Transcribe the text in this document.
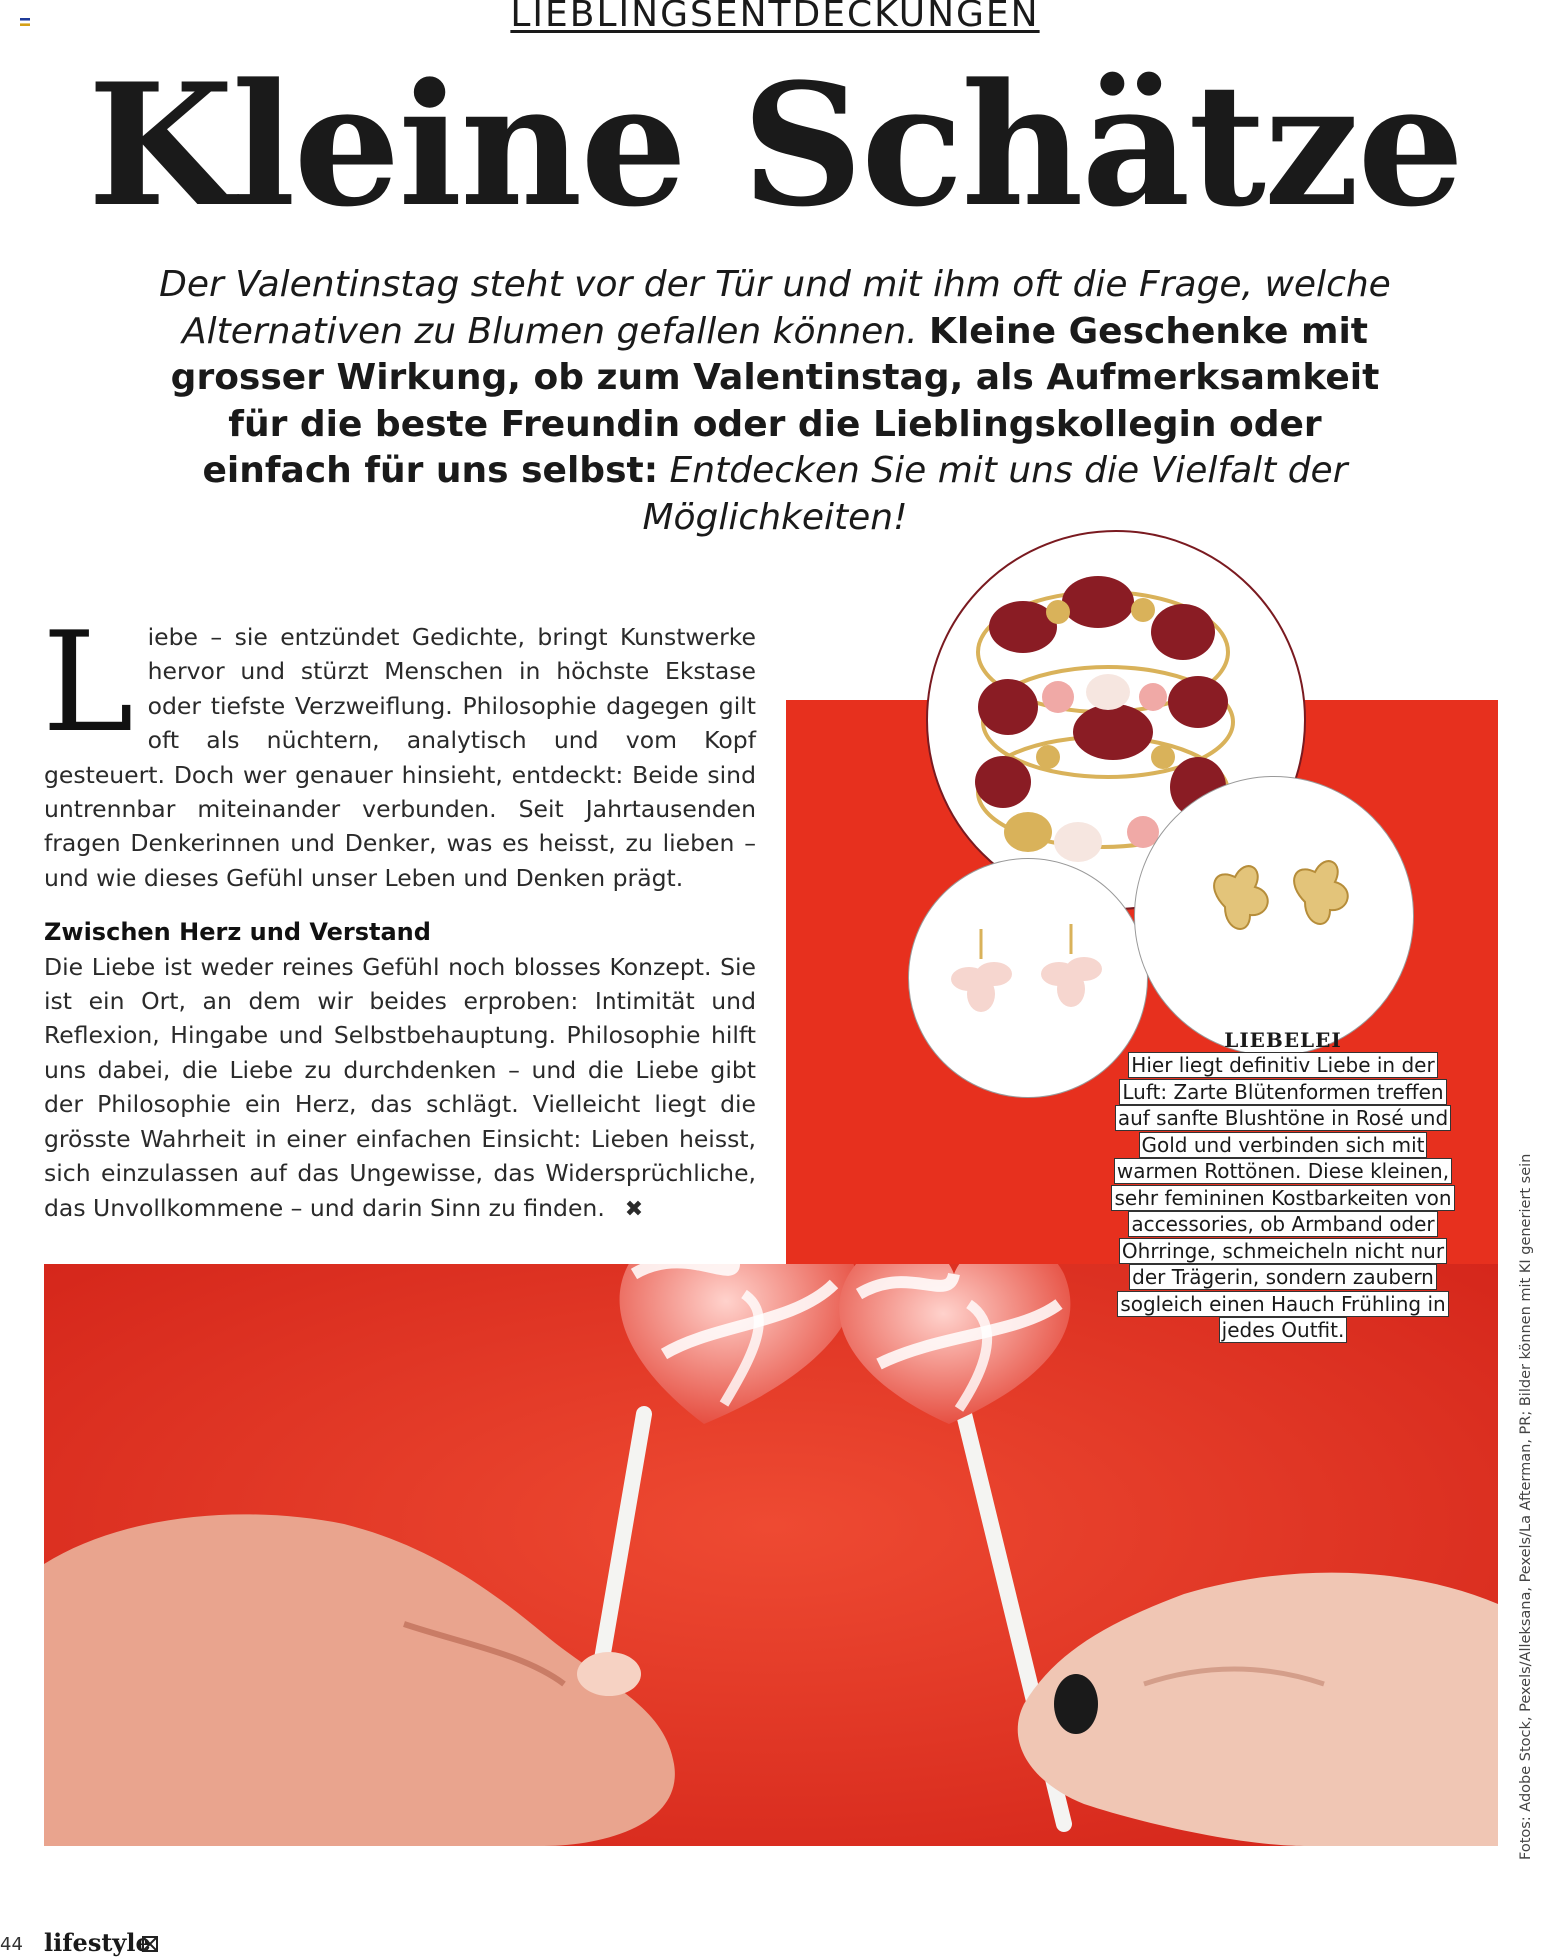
LIEBLINGSENTDECKUNGEN
Kleine Schätze
Der Valentinstag steht vor der Tür und mit ihm oft die Frage, welche Alternativen zu Blumen gefallen können. Kleine Geschenke mit grosser Wirkung, ob zum Valentinstag, als Aufmerksamkeit für die beste Freundin oder die Lieblingskollegin oder einfach für uns selbst: Entdecken Sie mit uns die Vielfalt der Möglichkeiten!
L iebe – sie entzündet Gedichte, bringt Kunstwerke hervor und stürzt Menschen in höchste Ekstase oder tiefste Verzweiflung. Philosophie dagegen gilt oft als nüchtern, analytisch und vom Kopf gesteuert. Doch wer genauer hinsieht, entdeckt: Beide sind untrennbar miteinander verbunden. Seit Jahrtausenden fragen Denkerinnen und Denker, was es heisst, zu lieben – und wie dieses Gefühl unser Leben und Denken prägt.
Zwischen Herz und Verstand
Die Liebe ist weder reines Gefühl noch blosses Konzept. Sie ist ein Ort, an dem wir beides erproben: Intimität und Reflexion, Hingabe und Selbstbehauptung. Philosophie hilft uns dabei, die Liebe zu durchdenken – und die Liebe gibt der Philosophie ein Herz, das schlägt. Vielleicht liegt die grösste Wahrheit in einer einfachen Einsicht: Lieben heisst, sich einzulassen auf das Ungewisse, das Widersprüchliche, das Unvollkommene – und darin Sinn zu finden. ✖
LIEBELEI
Hier liegt definitiv Liebe in der Luft: Zarte Blütenformen treffen auf sanfte Blushtöne in Rosé und Gold und verbinden sich mit warmen Rottönen. Diese kleinen, sehr femininen Kostbarkeiten von accessories, ob Armband oder Ohrringe, schmeicheln nicht nur der Trägerin, sondern zaubern sogleich einen Hauch Frühling in jedes Outfit.	Fotos: Adobe Stock, Pexels/Alleksana, Pexels/La Afterman, PR; Bilder können mit KI generiert sein
44 lifestyle
